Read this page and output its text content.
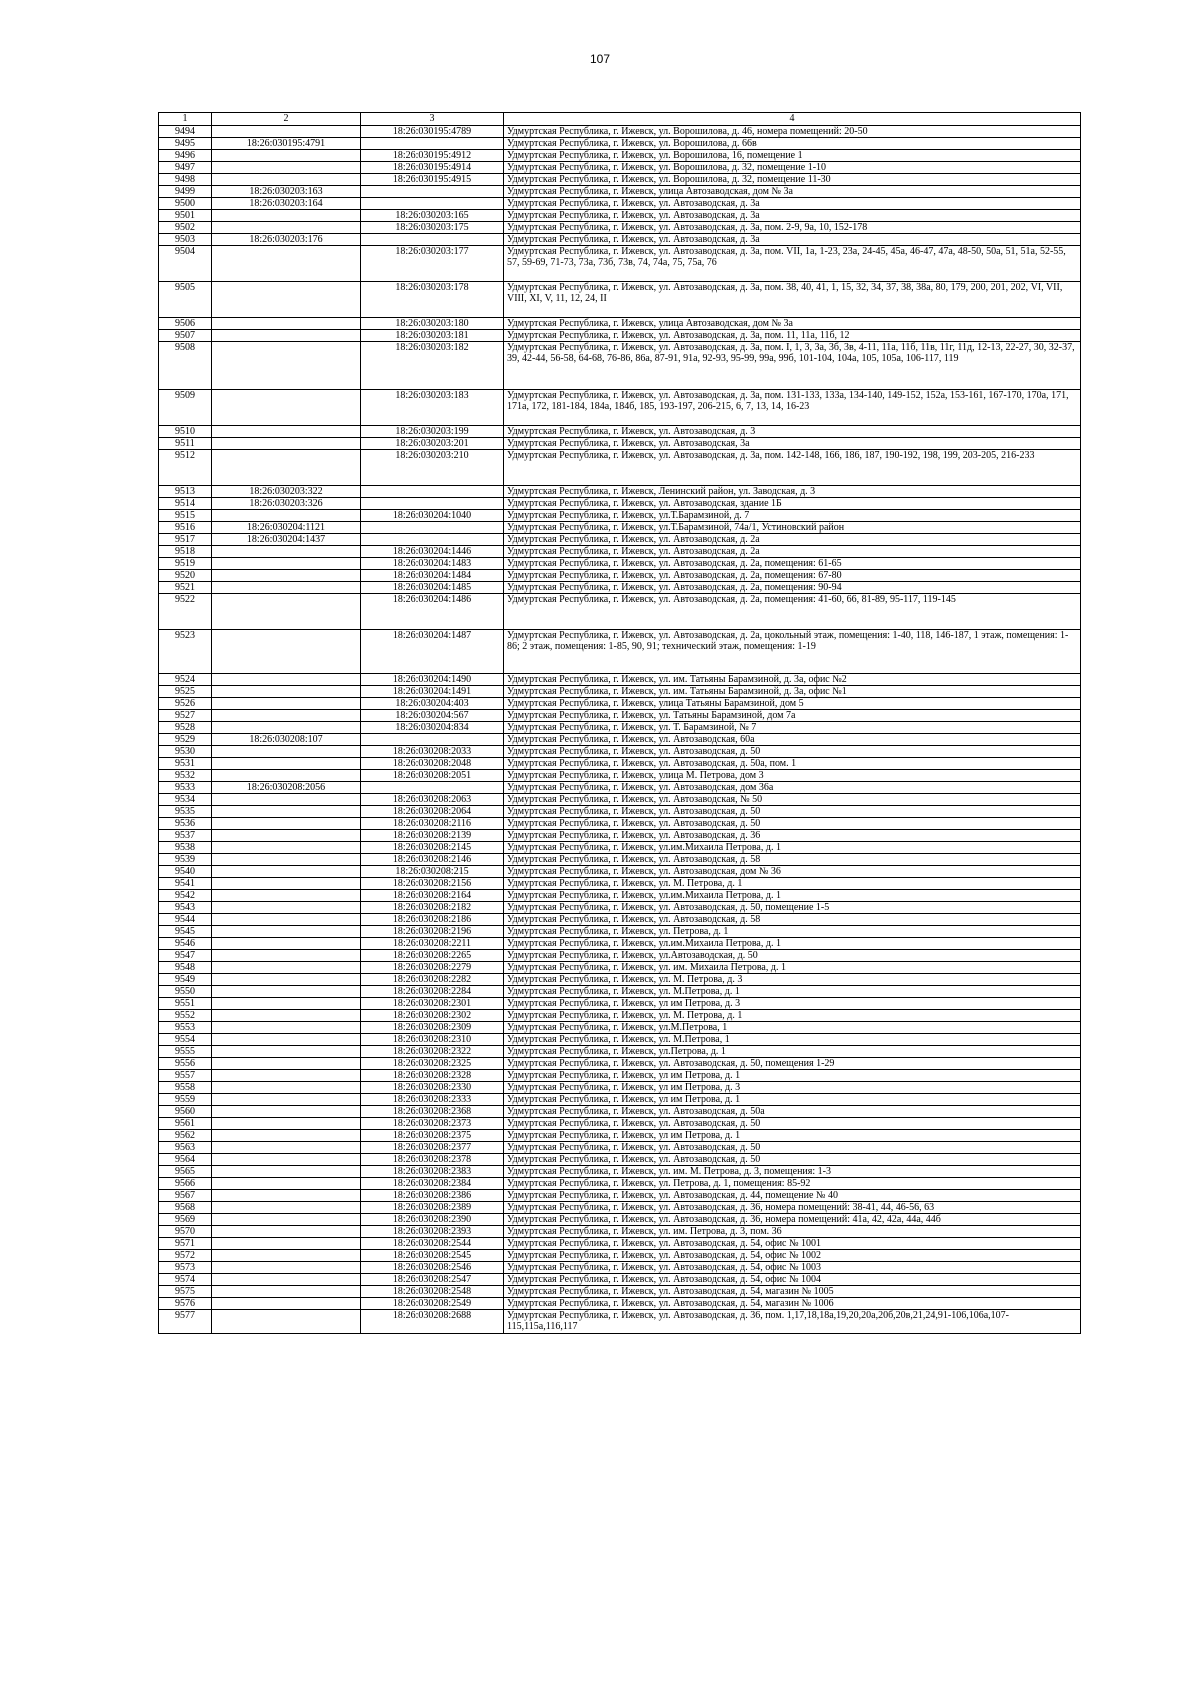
107
1	2	3	4
9494		18:26:030195:4789	Удмуртская Республика, г. Ижевск, ул. Ворошилова, д. 46, номера помещений: 20-50
9495	18:26:030195:4791		Удмуртская Республика, г. Ижевск, ул. Ворошилова, д. 66в
9496		18:26:030195:4912	Удмуртская Республика, г. Ижевск, ул. Ворошилова, 16, помещение 1
9497		18:26:030195:4914	Удмуртская Республика, г. Ижевск, ул. Ворошилова, д. 32, помещение 1-10
9498		18:26:030195:4915	Удмуртская Республика, г. Ижевск, ул. Ворошилова, д. 32, помещение 11-30
9499	18:26:030203:163		Удмуртская Республика, г. Ижевск, улица Автозаводская, дом № 3а
9500	18:26:030203:164		Удмуртская Республика, г. Ижевск, ул. Автозаводская, д. 3а
9501		18:26:030203:165	Удмуртская Республика, г. Ижевск, ул. Автозаводская, д. 3а
9502		18:26:030203:175	Удмуртская Республика, г. Ижевск, ул. Автозаводская, д. 3а, пом. 2-9, 9а, 10, 152-178
9503	18:26:030203:176		Удмуртская Республика, г. Ижевск, ул. Автозаводская, д. 3а
9504		18:26:030203:177	Удмуртская Республика, г. Ижевск, ул. Автозаводская, д. 3а, пом. VII, 1а, 1-23, 23а, 24-45, 45а, 46-47, 47а, 48-50, 50а, 51, 51а, 52-55, 57, 59-69, 71-73, 73а, 73б, 73в, 74, 74а, 75, 75а, 76
9505		18:26:030203:178	Удмуртская Республика, г. Ижевск, ул. Автозаводская, д. 3а, пом. 38, 40, 41, 1, 15, 32, 34, 37, 38, 38а, 80, 179, 200, 201, 202, VI, VII, VIII, XI, V, 11, 12, 24, II
9506		18:26:030203:180	Удмуртская Республика, г. Ижевск, улица Автозаводская, дом № 3а
9507		18:26:030203:181	Удмуртская Республика, г. Ижевск, ул. Автозаводская, д. 3а, пом. 11, 11а, 11б, 12
9508		18:26:030203:182	Удмуртская Республика, г. Ижевск, ул. Автозаводская, д. 3а, пом. I, 1, 3, 3а, 3б, 3в, 4-11, 11а, 11б, 11в, 11г, 11д, 12-13, 22-27, 30, 32-37, 39, 42-44, 56-58, 64-68, 76-86, 86а, 87-91, 91а, 92-93, 95-99, 99а, 99б, 101-104, 104а, 105, 105а, 106-117, 119
9509		18:26:030203:183	Удмуртская Республика, г. Ижевск, ул. Автозаводская, д. 3а, пом. 131-133, 133а, 134-140, 149-152, 152а, 153-161, 167-170, 170а, 171, 171а, 172, 181-184, 184а, 184б, 185, 193-197, 206-215, 6, 7, 13, 14, 16-23
9510		18:26:030203:199	Удмуртская Республика, г. Ижевск, ул. Автозаводская, д. 3
9511		18:26:030203:201	Удмуртская Республика, г. Ижевск, ул. Автозаводская, 3а
9512		18:26:030203:210	Удмуртская Республика, г. Ижевск, ул. Автозаводская, д. 3а, пом. 142-148, 166, 186, 187, 190-192, 198, 199, 203-205, 216-233
9513	18:26:030203:322		Удмуртская Республика, г. Ижевск, Ленинский район, ул. Заводская, д. 3
9514	18:26:030203:326		Удмуртская Республика, г. Ижевск, ул. Автозаводская, здание 1Б
9515		18:26:030204:1040	Удмуртская Республика, г. Ижевск, ул.Т.Барамзиной, д. 7
9516	18:26:030204:1121		Удмуртская Республика, г. Ижевск, ул.Т.Барамзиной, 74а/1, Устиновский район
9517	18:26:030204:1437		Удмуртская Республика, г. Ижевск, ул. Автозаводская, д. 2а
9518		18:26:030204:1446	Удмуртская Республика, г. Ижевск, ул. Автозаводская, д. 2а
9519		18:26:030204:1483	Удмуртская Республика, г. Ижевск, ул. Автозаводская, д. 2а, помещения: 61-65
9520		18:26:030204:1484	Удмуртская Республика, г. Ижевск, ул. Автозаводская, д. 2а, помещения: 67-80
9521		18:26:030204:1485	Удмуртская Республика, г. Ижевск, ул. Автозаводская, д. 2а, помещения: 90-94
9522		18:26:030204:1486	Удмуртская Республика, г. Ижевск, ул. Автозаводская, д. 2а, помещения: 41-60, 66, 81-89, 95-117, 119-145
9523		18:26:030204:1487	Удмуртская Республика, г. Ижевск, ул. Автозаводская, д. 2а, цокольный этаж, помещения: 1-40, 118, 146-187, 1 этаж, помещения: 1-86; 2 этаж, помещения: 1-85, 90, 91; технический этаж, помещения: 1-19
9524		18:26:030204:1490	Удмуртская Республика, г. Ижевск, ул. им. Татьяны Барамзиной, д. 3а, офис №2
9525		18:26:030204:1491	Удмуртская Республика, г. Ижевск, ул. им. Татьяны Барамзиной, д. 3а, офис №1
9526		18:26:030204:403	Удмуртская Республика, г. Ижевск, улица Татьяны Барамзиной, дом 5
9527		18:26:030204:567	Удмуртская Республика, г. Ижевск, ул. Татьяны Барамзиной, дом 7а
9528		18:26:030204:834	Удмуртская Республика, г. Ижевск, ул. Т. Барамзиной, № 7
9529	18:26:030208:107		Удмуртская Республика, г. Ижевск, ул. Автозаводская, 60а
9530		18:26:030208:2033	Удмуртская Республика, г. Ижевск, ул. Автозаводская, д. 50
9531		18:26:030208:2048	Удмуртская Республика, г. Ижевск, ул. Автозаводская, д. 50а, пом. 1
9532		18:26:030208:2051	Удмуртская Республика, г. Ижевск, улица М. Петрова, дом 3
9533	18:26:030208:2056		Удмуртская Республика, г. Ижевск, ул. Автозаводская, дом 36а
9534		18:26:030208:2063	Удмуртская Республика, г. Ижевск, ул. Автозаводская, № 50
9535		18:26:030208:2064	Удмуртская Республика, г. Ижевск, ул. Автозаводская, д. 50
9536		18:26:030208:2116	Удмуртская Республика, г. Ижевск, ул. Автозаводская, д. 50
9537		18:26:030208:2139	Удмуртская Республика, г. Ижевск, ул. Автозаводская, д. 36
9538		18:26:030208:2145	Удмуртская Республика, г. Ижевск, ул.им.Михаила Петрова, д. 1
9539		18:26:030208:2146	Удмуртская Республика, г. Ижевск, ул. Автозаводская, д. 58
9540		18:26:030208:215	Удмуртская Республика, г. Ижевск, ул. Автозаводская, дом № 36
9541		18:26:030208:2156	Удмуртская Республика, г. Ижевск, ул. М. Петрова, д. 1
9542		18:26:030208:2164	Удмуртская Республика, г. Ижевск, ул.им.Михаила Петрова, д. 1
9543		18:26:030208:2182	Удмуртская Республика, г. Ижевск, ул. Автозаводская, д. 50, помещение 1-5
9544		18:26:030208:2186	Удмуртская Республика, г. Ижевск, ул. Автозаводская, д. 58
9545		18:26:030208:2196	Удмуртская Республика, г. Ижевск, ул. Петрова, д. 1
9546		18:26:030208:2211	Удмуртская Республика, г. Ижевск, ул.им.Михаила Петрова, д. 1
9547		18:26:030208:2265	Удмуртская Республика, г. Ижевск, ул.Автозаводская, д. 50
9548		18:26:030208:2279	Удмуртская Республика, г. Ижевск, ул. им. Михаила Петрова, д. 1
9549		18:26:030208:2282	Удмуртская Республика, г. Ижевск, ул. М. Петрова, д. 3
9550		18:26:030208:2284	Удмуртская Республика, г. Ижевск, ул. М.Петрова, д. 1
9551		18:26:030208:2301	Удмуртская Республика, г. Ижевск, ул им Петрова, д. 3
9552		18:26:030208:2302	Удмуртская Республика, г. Ижевск, ул. М. Петрова, д. 1
9553		18:26:030208:2309	Удмуртская Республика, г. Ижевск, ул.М.Петрова, 1
9554		18:26:030208:2310	Удмуртская Республика, г. Ижевск, ул. М.Петрова, 1
9555		18:26:030208:2322	Удмуртская Республика, г. Ижевск, ул.Петрова, д. 1
9556		18:26:030208:2325	Удмуртская Республика, г. Ижевск, ул. Автозаводская, д. 50, помещения 1-29
9557		18:26:030208:2328	Удмуртская Республика, г. Ижевск, ул им Петрова, д. 1
9558		18:26:030208:2330	Удмуртская Республика, г. Ижевск, ул им Петрова, д. 3
9559		18:26:030208:2333	Удмуртская Республика, г. Ижевск, ул им Петрова, д. 1
9560		18:26:030208:2368	Удмуртская Республика, г. Ижевск, ул. Автозаводская, д. 50а
9561		18:26:030208:2373	Удмуртская Республика, г. Ижевск, ул. Автозаводская, д. 50
9562		18:26:030208:2375	Удмуртская Республика, г. Ижевск, ул им Петрова, д. 1
9563		18:26:030208:2377	Удмуртская Республика, г. Ижевск, ул. Автозаводская, д. 50
9564		18:26:030208:2378	Удмуртская Республика, г. Ижевск, ул. Автозаводская, д. 50
9565		18:26:030208:2383	Удмуртская Республика, г. Ижевск, ул. им. М. Петрова, д. 3, помещения: 1-3
9566		18:26:030208:2384	Удмуртская Республика, г. Ижевск, ул. Петрова, д. 1, помещения: 85-92
9567		18:26:030208:2386	Удмуртская Республика, г. Ижевск, ул. Автозаводская, д. 44, помещение № 40
9568		18:26:030208:2389	Удмуртская Республика, г. Ижевск, ул. Автозаводская, д. 36, номера помещений: 38-41, 44, 46-56, 63
9569		18:26:030208:2390	Удмуртская Республика, г. Ижевск, ул. Автозаводская, д. 36, номера помещений: 41а, 42, 42а, 44а, 44б
9570		18:26:030208:2393	Удмуртская Республика, г. Ижевск, ул. им. Петрова, д. 3, пом. 36
9571		18:26:030208:2544	Удмуртская Республика, г. Ижевск, ул. Автозаводская, д. 54, офис № 1001
9572		18:26:030208:2545	Удмуртская Республика, г. Ижевск, ул. Автозаводская, д. 54, офис № 1002
9573		18:26:030208:2546	Удмуртская Республика, г. Ижевск, ул. Автозаводская, д. 54, офис № 1003
9574		18:26:030208:2547	Удмуртская Республика, г. Ижевск, ул. Автозаводская, д. 54, офис № 1004
9575		18:26:030208:2548	Удмуртская Республика, г. Ижевск, ул. Автозаводская, д. 54, магазин № 1005
9576		18:26:030208:2549	Удмуртская Республика, г. Ижевск, ул. Автозаводская, д. 54, магазин № 1006
9577		18:26:030208:2688	Удмуртская Республика, г. Ижевск, ул. Автозаводская, д. 36, пом. 1,17,18,18а,19,20,20а,20б,20в,21,24,91-106,106а,107-115,115а,116,117
